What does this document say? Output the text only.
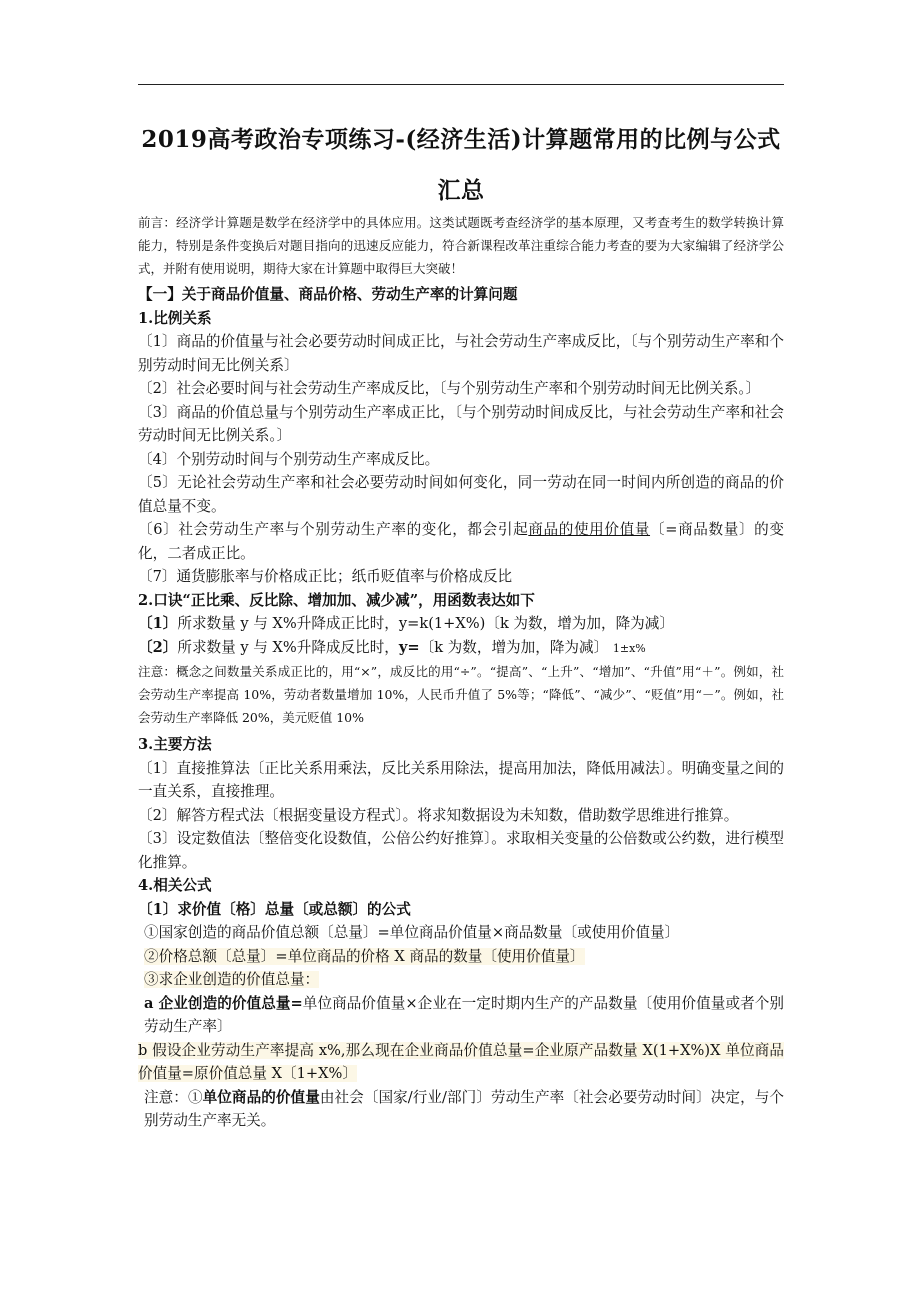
2019高考政治专项练习-(经济生活)计算题常用的比例与公式
汇总
前言：经济学计算题是数学在经济学中的具体应用。这类试题既考查经济学的基本原理，又考查考生的数学转换计算能力，特别是条件变换后对题目指向的迅速反应能力，符合新课程改革注重综合能力考查的要为大家编辑了经济学公式，并附有使用说明，期待大家在计算题中取得巨大突破！

【一】关于商品价值量、商品价格、劳动生产率的计算问题

1.比例关系

〔1〕商品的价值量与社会必要劳动时间成正比，与社会劳动生产率成反比，〔与个别劳动生产率和个别劳动时间无比例关系〕

〔2〕社会必要时间与社会劳动生产率成反比，〔与个别劳动生产率和个别劳动时间无比例关系。〕

〔3〕商品的价值总量与个别劳动生产率成正比，〔与个别劳动时间成反比，与社会劳动生产率和社会劳动时间无比例关系。〕

〔4〕个别劳动时间与个别劳动生产率成反比。

〔5〕无论社会劳动生产率和社会必要劳动时间如何变化，同一劳动在同一时间内所创造的商品的价值总量不变。

〔6〕社会劳动生产率与个别劳动生产率的变化，都会引起商品的使用价值量〔=商品数量〕的变化，二者成正比。

〔7〕通货膨胀率与价格成正比；纸币贬值率与价格成反比

2.口诀“正比乘、反比除、增加加、减少减”，用函数表达如下

〔1〕所求数量 y 与 X%升降成正比时，y=k(1+X%)〔k 为数，增为加，降为减〕

〔2〕所求数量 y 与 X%升降成反比时，y=〔k 为数，增为加，降为减〕 1±x%

注意：概念之间数量关系成正比的，用“×”，成反比的用“÷”。“提高”、“上升”、“增加”、“升值”用“＋”。例如，社会劳动生产率提高 10%，劳动者数量增加 10%，人民币升值了 5%等；“降低”、“减少”、“贬值”用“－”。例如，社会劳动生产率降低 20%，美元贬值 10%

3.主要方法

〔1〕直接推算法〔正比关系用乘法，反比关系用除法，提高用加法，降低用减法〕。明确变量之间的一直关系，直接推理。

〔2〕解答方程式法〔根据变量设方程式〕。将求知数据设为未知数，借助数学思维进行推算。

〔3〕设定数值法〔整倍变化设数值，公倍公约好推算〕。求取相关变量的公倍数或公约数，进行模型化推算。

4.相关公式

〔1〕求价值〔格〕总量〔或总额〕的公式

①国家创造的商品价值总额〔总量〕=单位商品价值量×商品数量〔或使用价值量〕

②价格总额〔总量〕=单位商品的价格 X 商品的数量〔使用价值量〕

③求企业创造的价值总量：

a 企业创造的价值总量=单位商品价值量×企业在一定时期内生产的产品数量〔使用价值量或者个别劳动生产率〕

b 假设企业劳动生产率提高 x%,那么现在企业商品价值总量=企业原产品数量 X(1+X%)X 单位商品价值量=原价值总量 X〔1+X%〕

注意：①单位商品的价值量由社会〔国家/行业/部门〕劳动生产率〔社会必要劳动时间〕决定，与个别劳动生产率无关。
